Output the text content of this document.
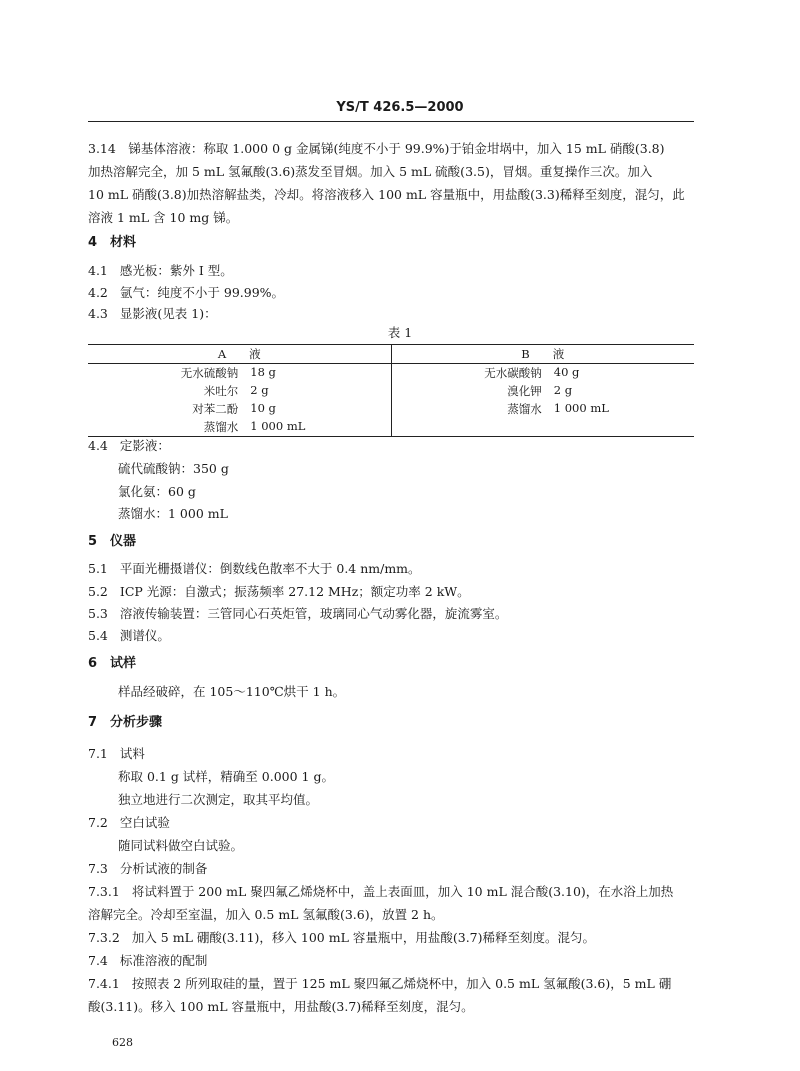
YS/T 426.5—2000
3.14　锑基体溶液：称取 1.000 0 g 金属锑(纯度不小于 99.9%)于铂金坩埚中，加入 15 mL 硝酸(3.8)
加热溶解完全，加 5 mL 氢氟酸(3.6)蒸发至冒烟。加入 5 mL 硫酸(3.5)，冒烟。重复操作三次。加入
10 mL 硝酸(3.8)加热溶解盐类，冷却。将溶液移入 100 mL 容量瓶中，用盐酸(3.3)稀释至刻度，混匀，此
溶液 1 mL 含 10 mg 锑。
4 材料
4.1 感光板：紫外 I 型。
4.2 氩气：纯度不小于 99.99%。
4.3 显影液(见表 1)：
表 1
A　　液	B　　液

无水硫酸钠 18 g	无水碳酸钠 40 g

米吐尔 2 g	溴化钾 2 g

对苯二酚 10 g	蒸馏水 1 000 mL

蒸馏水 1 000 mL	

4.4 定影液：
硫代硫酸钠：350 g
氯化氨：60 g
蒸馏水：1 000 mL
5 仪器
5.1 平面光栅摄谱仪：倒数线色散率不大于 0.4 nm/mm。
5.2 ICP 光源：自激式；振荡频率 27.12 MHz；额定功率 2 kW。
5.3 溶液传输装置：三管同心石英炬管，玻璃同心气动雾化器，旋流雾室。
5.4 测谱仪。
6 试样
样品经破碎，在 105～110℃烘干 1 h。
7 分析步骤
7.1 试料
称取 0.1 g 试样，精确至 0.000 1 g。
独立地进行二次测定，取其平均值。
7.2 空白试验
随同试料做空白试验。
7.3 分析试液的制备
7.3.1 将试料置于 200 mL 聚四氟乙烯烧杯中，盖上表面皿，加入 10 mL 混合酸(3.10)，在水浴上加热
溶解完全。冷却至室温，加入 0.5 mL 氢氟酸(3.6)，放置 2 h。
7.3.2 加入 5 mL 硼酸(3.11)，移入 100 mL 容量瓶中，用盐酸(3.7)稀释至刻度。混匀。
7.4 标准溶液的配制
7.4.1 按照表 2 所列取硅的量，置于 125 mL 聚四氟乙烯烧杯中，加入 0.5 mL 氢氟酸(3.6)，5 mL 硼
酸(3.11)。移入 100 mL 容量瓶中，用盐酸(3.7)稀释至刻度，混匀。
628
